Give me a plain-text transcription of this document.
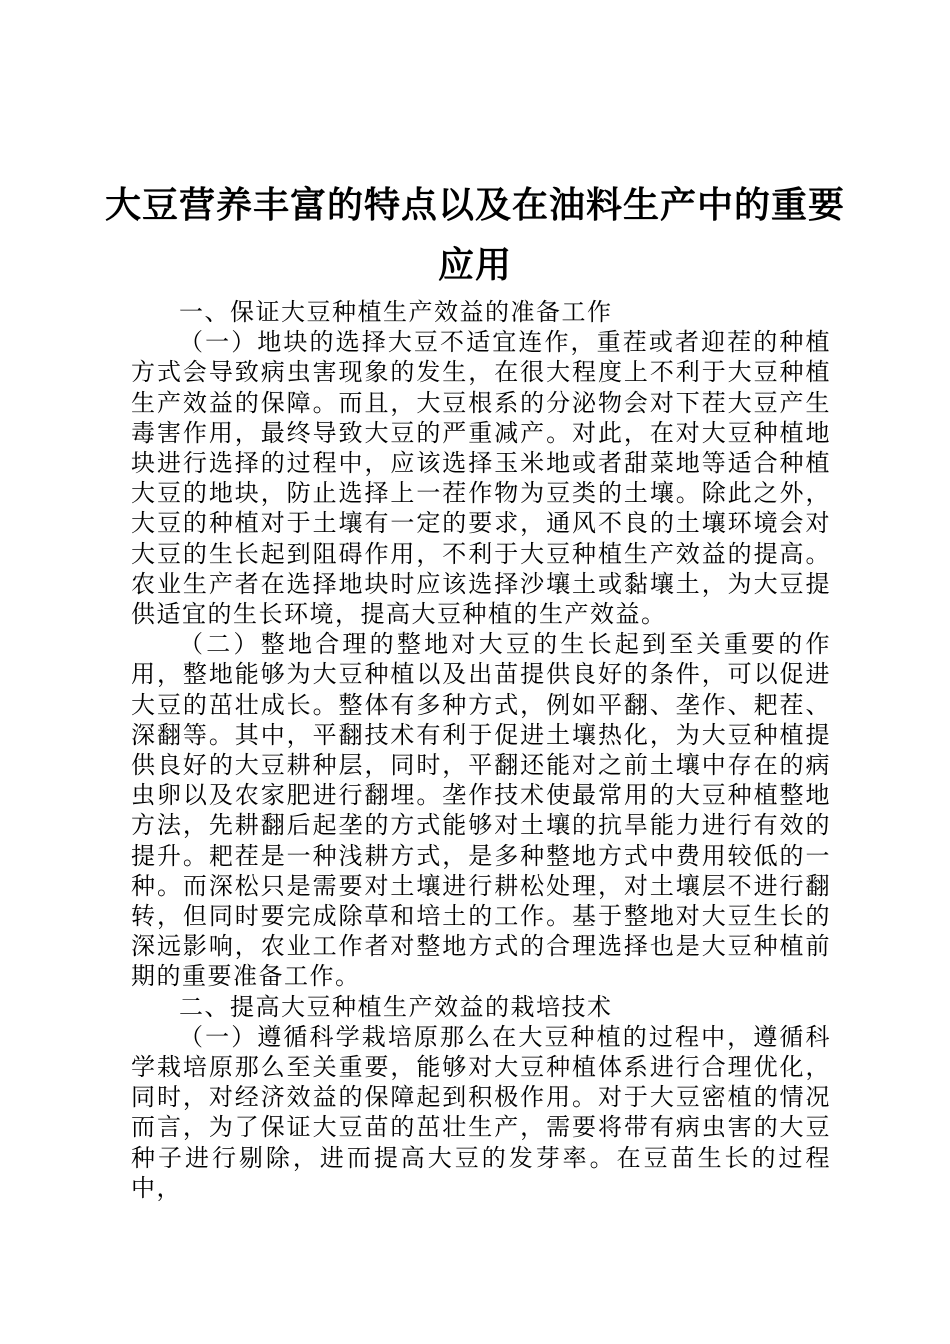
大豆营养丰富的特点以及在油料生产中的重要
应用

一、保证大豆种植生产效益的准备工作

（一）地块的选择大豆不适宜连作，重茬或者迎茬的种植方式会导致病虫害现象的发生，在很大程度上不利于大豆种植生产效益的保障。而且，大豆根系的分泌物会对下茬大豆产生毒害作用，最终导致大豆的严重减产。对此，在对大豆种植地块进行选择的过程中，应该选择玉米地或者甜菜地等适合种植大豆的地块，防止选择上一茬作物为豆类的土壤。除此之外，大豆的种植对于土壤有一定的要求，通风不良的土壤环境会对大豆的生长起到阻碍作用，不利于大豆种植生产效益的提高。农业生产者在选择地块时应该选择沙壤土或黏壤土，为大豆提供适宜的生长环境，提高大豆种植的生产效益。

（二）整地合理的整地对大豆的生长起到至关重要的作用，整地能够为大豆种植以及出苗提供良好的条件，可以促进大豆的茁壮成长。整体有多种方式，例如平翻、垄作、耙茬、深翻等。其中，平翻技术有利于促进土壤热化，为大豆种植提供良好的大豆耕种层，同时，平翻还能对之前土壤中存在的病虫卵以及农家肥进行翻埋。垄作技术使最常用的大豆种植整地方法，先耕翻后起垄的方式能够对土壤的抗旱能力进行有效的提升。耙茬是一种浅耕方式，是多种整地方式中费用较低的一种。而深松只是需要对土壤进行耕松处理，对土壤层不进行翻转，但同时要完成除草和培土的工作。基于整地对大豆生长的深远影响，农业工作者对整地方式的合理选择也是大豆种植前期的重要准备工作。

二、提高大豆种植生产效益的栽培技术

（一）遵循科学栽培原那么在大豆种植的过程中，遵循科学栽培原那么至关重要，能够对大豆种植体系进行合理优化，同时，对经济效益的保障起到积极作用。对于大豆密植的情况而言，为了保证大豆苗的茁壮生产，需要将带有病虫害的大豆种子进行剔除，进而提高大豆的发芽率。在豆苗生长的过程中，
